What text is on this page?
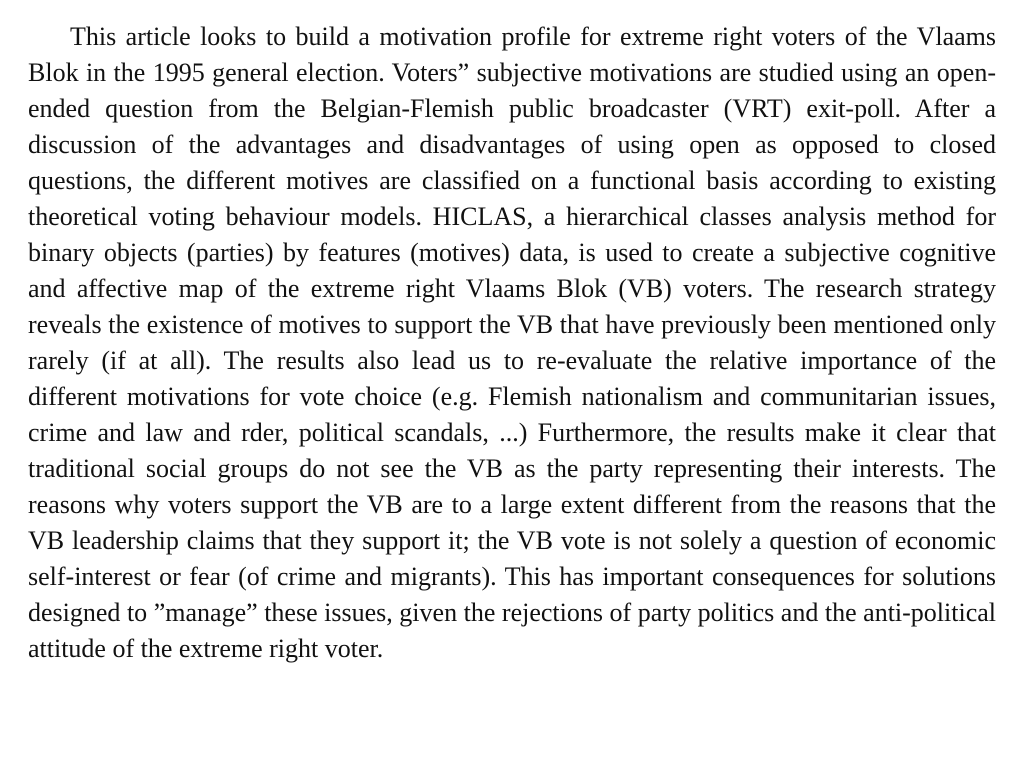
This article looks to build a motivation profile for extreme right voters of the Vlaams Blok in the 1995 general election. Voters” subjective motivations are studied using an open-ended question from the Belgian-Flemish public broadcaster (VRT) exit-poll. After a discussion of the advantages and disadvantages of using open as opposed to closed questions, the different motives are classified on a functional basis according to existing theoretical voting behaviour models. HICLAS, a hierarchical classes analysis method for binary objects (parties) by features (motives) data, is used to create a subjective cognitive and affective map of the extreme right Vlaams Blok (VB) voters. The research strategy reveals the existence of motives to support the VB that have previously been mentioned only rarely (if at all). The results also lead us to re-evaluate the relative importance of the different motivations for vote choice (e.g. Flemish nationalism and communitarian issues, crime and law and rder, political scandals, ...) Furthermore, the results make it clear that traditional social groups do not see the VB as the party representing their interests. The reasons why voters support the VB are to a large extent different from the reasons that the VB leadership claims that they support it; the VB vote is not solely a question of economic self-interest or fear (of crime and migrants). This has important consequences for solutions designed to ”manage” these issues, given the rejections of party politics and the anti-political attitude of the extreme right voter.
